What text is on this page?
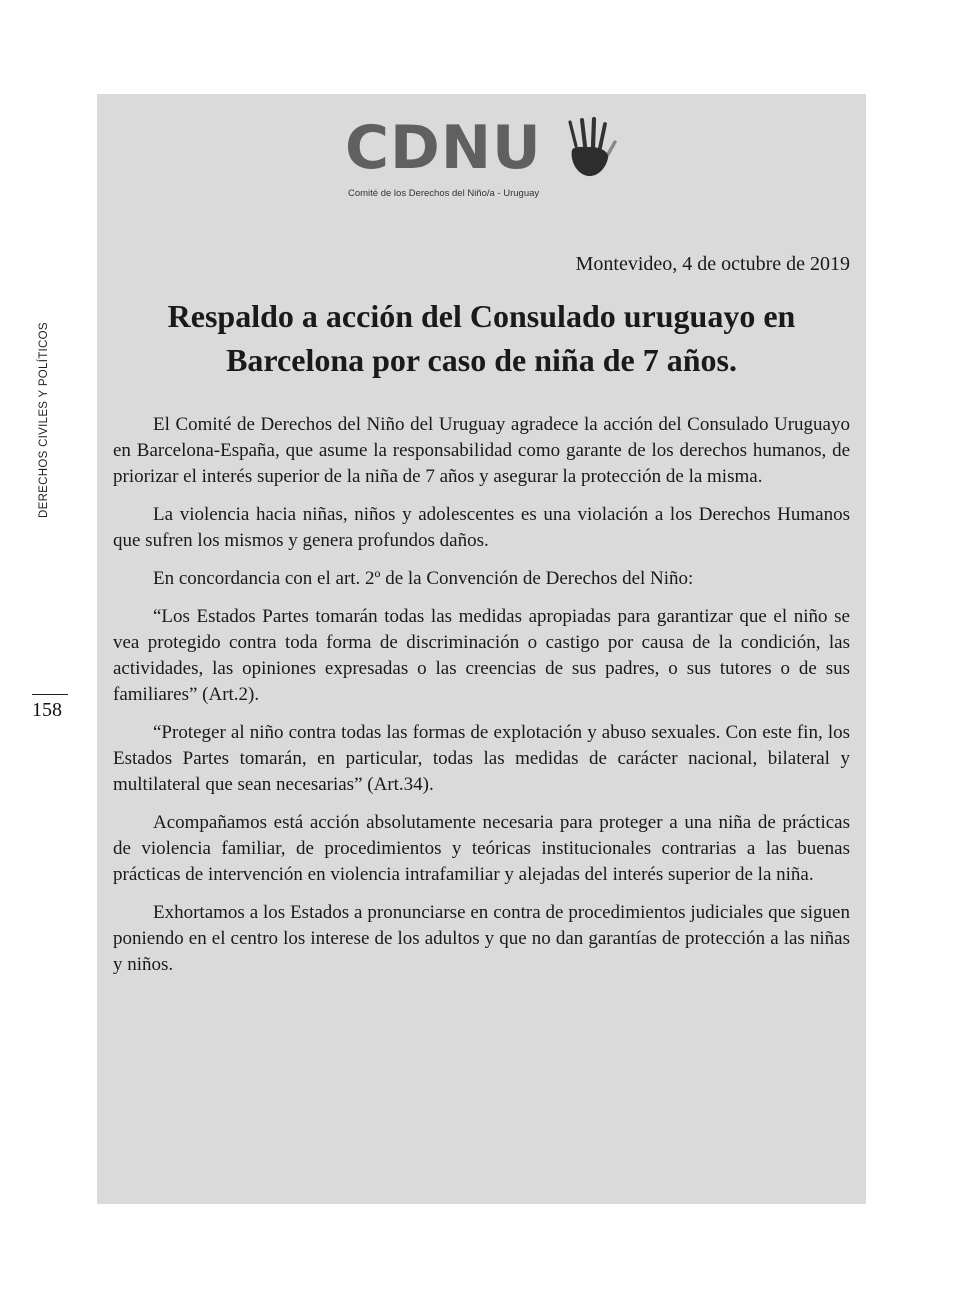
DERECHOS CIVILES Y POLÍTICOS
158
CDNU
Comité de los Derechos del Niño/a - Uruguay
Montevideo, 4 de octubre de 2019
Respaldo a acción del Consulado uruguayo en
Barcelona por caso de niña de 7 años.

El Comité de Derechos del Niño del Uruguay agradece la acción del Consulado Uruguayo en Barcelona-España, que asume la responsabilidad como garante de los derechos humanos, de priorizar el interés superior de la niña de 7 años y asegurar la protección de la misma.

La violencia hacia niñas, niños y adolescentes es una violación a los Derechos Humanos que sufren los mismos y genera profundos daños.

En concordancia con el art. 2º de la Convención de Derechos del Niño:

“Los Estados Partes tomarán todas las medidas apropiadas para garantizar que el niño se vea protegido contra toda forma de discriminación o castigo por causa de la condición, las actividades, las opiniones expresadas o las creencias de sus padres, o sus tutores o de sus familiares” (Art.2).

“Proteger al niño contra todas las formas de explotación y abuso sexuales. Con este fin, los Estados Partes tomarán, en particular, todas las medidas de carácter nacional, bilateral y multilateral que sean necesarias” (Art.34).

Acompañamos está acción absolutamente necesaria para proteger a una niña de prácticas de violencia familiar, de procedimientos y teóricas institucionales contrarias a las buenas prácticas de intervención en violencia intrafamiliar y alejadas del interés superior de la niña.

Exhortamos a los Estados a pronunciarse en contra de procedimientos judiciales que siguen poniendo en el centro los interese de los adultos y que no dan garantías de protección a las niñas y niños.
